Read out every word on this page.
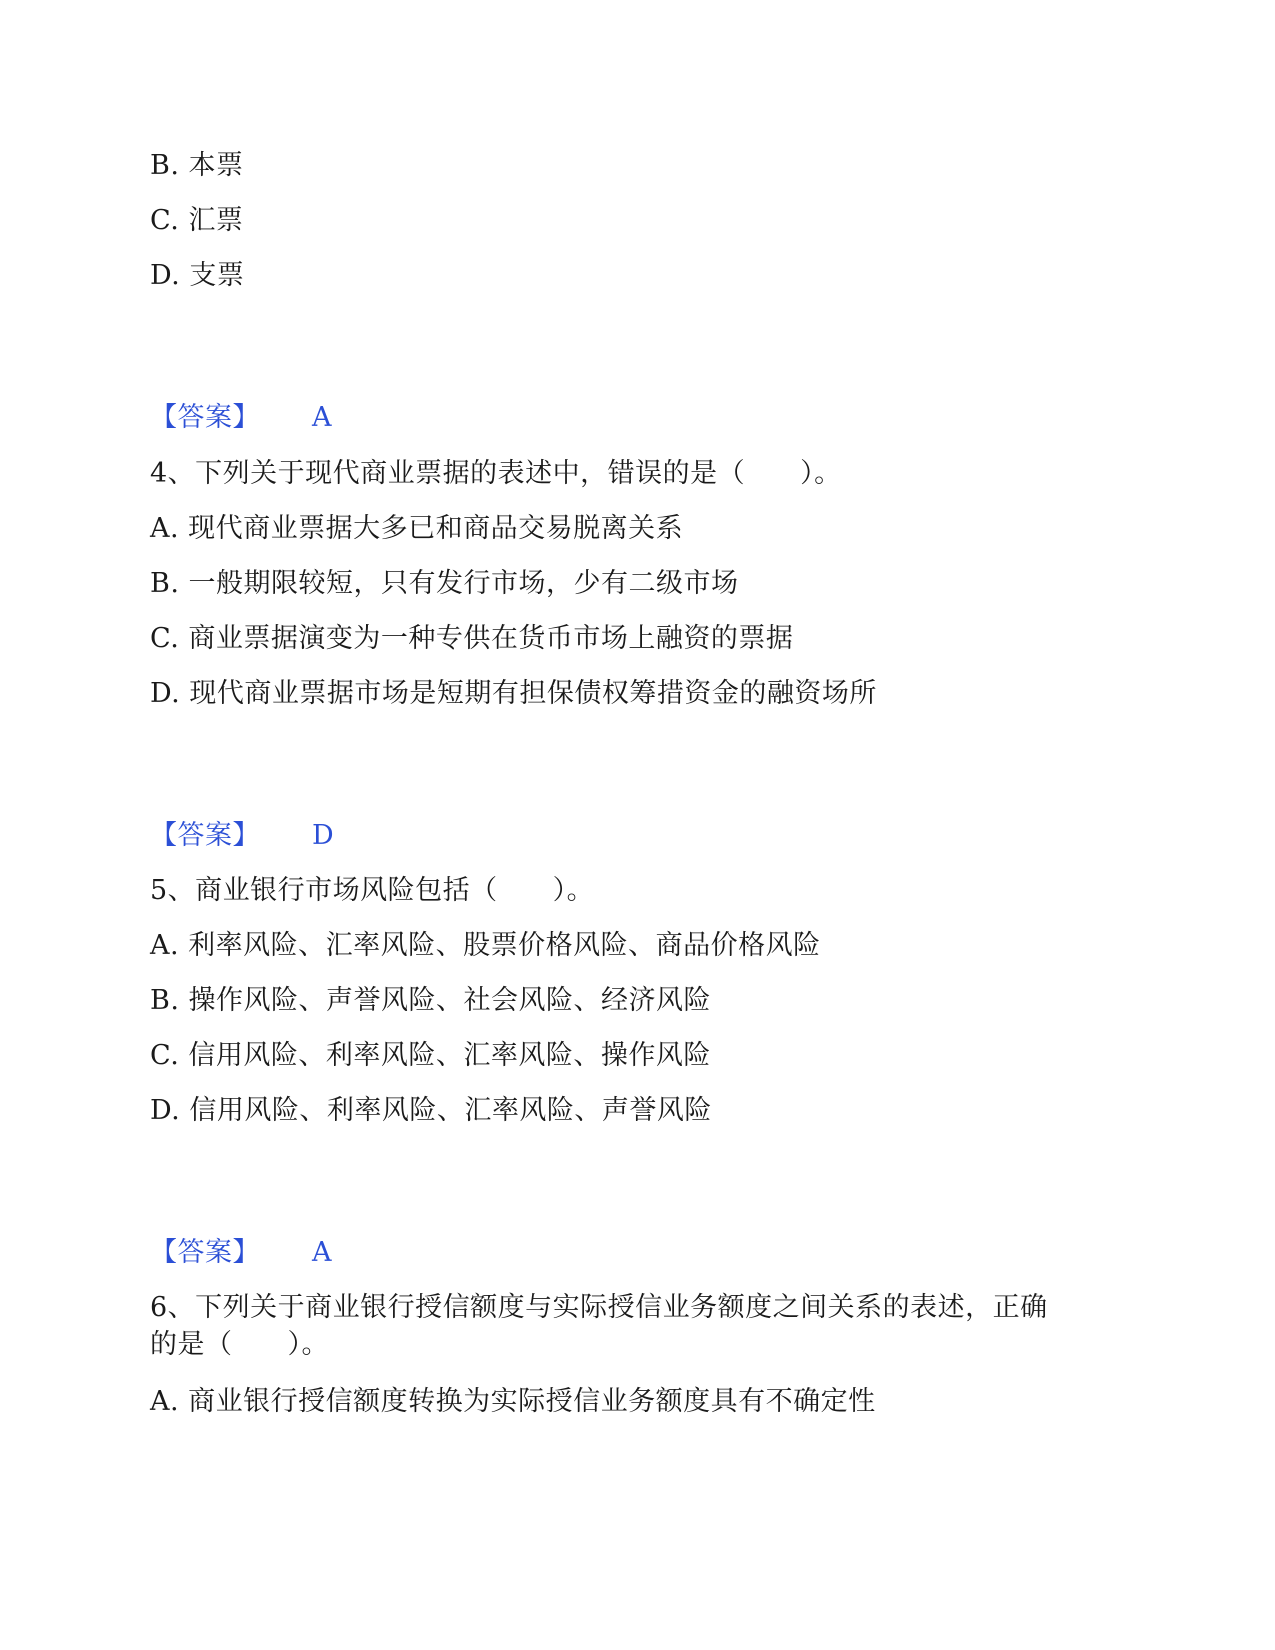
B. 本票
C. 汇票
D. 支票
【答案】 A
4、下列关于现代商业票据的表述中，错误的是（　　）。
A. 现代商业票据大多已和商品交易脱离关系
B. 一般期限较短，只有发行市场，少有二级市场
C. 商业票据演变为一种专供在货币市场上融资的票据
D. 现代商业票据市场是短期有担保债权筹措资金的融资场所
【答案】 D
5、商业银行市场风险包括（　　）。
A. 利率风险、汇率风险、股票价格风险、商品价格风险
B. 操作风险、声誉风险、社会风险、经济风险
C. 信用风险、利率风险、汇率风险、操作风险
D. 信用风险、利率风险、汇率风险、声誉风险
【答案】 A
6、下列关于商业银行授信额度与实际授信业务额度之间关系的表述，正确
的是（　　）。
A. 商业银行授信额度转换为实际授信业务额度具有不确定性
